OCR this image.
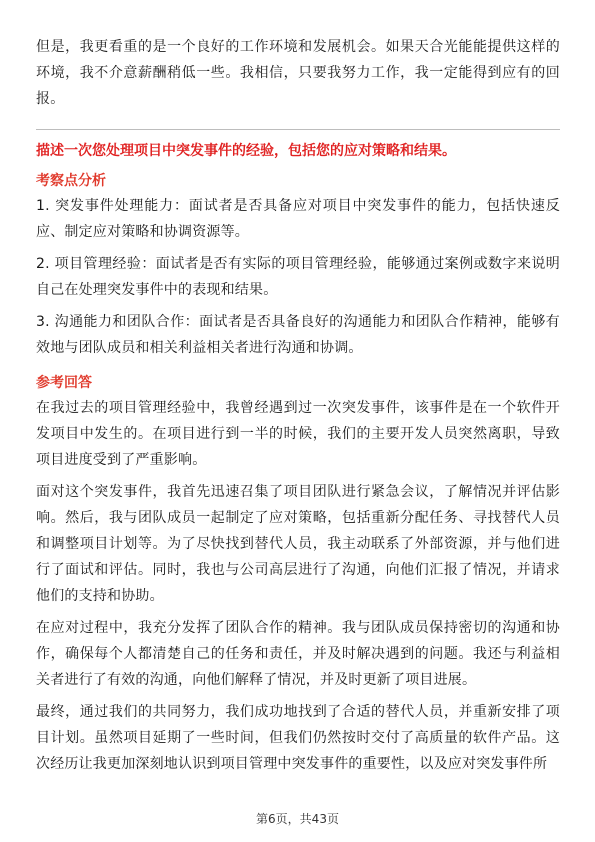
但是，我更看重的是一个良好的工作环境和发展机会。如果天合光能能提供这样的环境，我不介意薪酬稍低一些。我相信，只要我努力工作，我一定能得到应有的回报。

描述一次您处理项目中突发事件的经验，包括您的应对策略和结果。
考察点分析

1. 突发事件处理能力：面试者是否具备应对项目中突发事件的能力，包括快速反应、制定应对策略和协调资源等。

2. 项目管理经验：面试者是否有实际的项目管理经验，能够通过案例或数字来说明自己在处理突发事件中的表现和结果。

3. 沟通能力和团队合作：面试者是否具备良好的沟通能力和团队合作精神，能够有效地与团队成员和相关利益相关者进行沟通和协调。

参考回答

在我过去的项目管理经验中，我曾经遇到过一次突发事件，该事件是在一个软件开发项目中发生的。在项目进行到一半的时候，我们的主要开发人员突然离职，导致项目进度受到了严重影响。

面对这个突发事件，我首先迅速召集了项目团队进行紧急会议，了解情况并评估影响。然后，我与团队成员一起制定了应对策略，包括重新分配任务、寻找替代人员和调整项目计划等。为了尽快找到替代人员，我主动联系了外部资源，并与他们进行了面试和评估。同时，我也与公司高层进行了沟通，向他们汇报了情况，并请求他们的支持和协助。

在应对过程中，我充分发挥了团队合作的精神。我与团队成员保持密切的沟通和协作，确保每个人都清楚自己的任务和责任，并及时解决遇到的问题。我还与利益相关者进行了有效的沟通，向他们解释了情况，并及时更新了项目进展。

最终，通过我们的共同努力，我们成功地找到了合适的替代人员，并重新安排了项目计划。虽然项目延期了一些时间，但我们仍然按时交付了高质量的软件产品。这次经历让我更加深刻地认识到项目管理中突发事件的重要性，以及应对突发事件所

第6页，共43页
